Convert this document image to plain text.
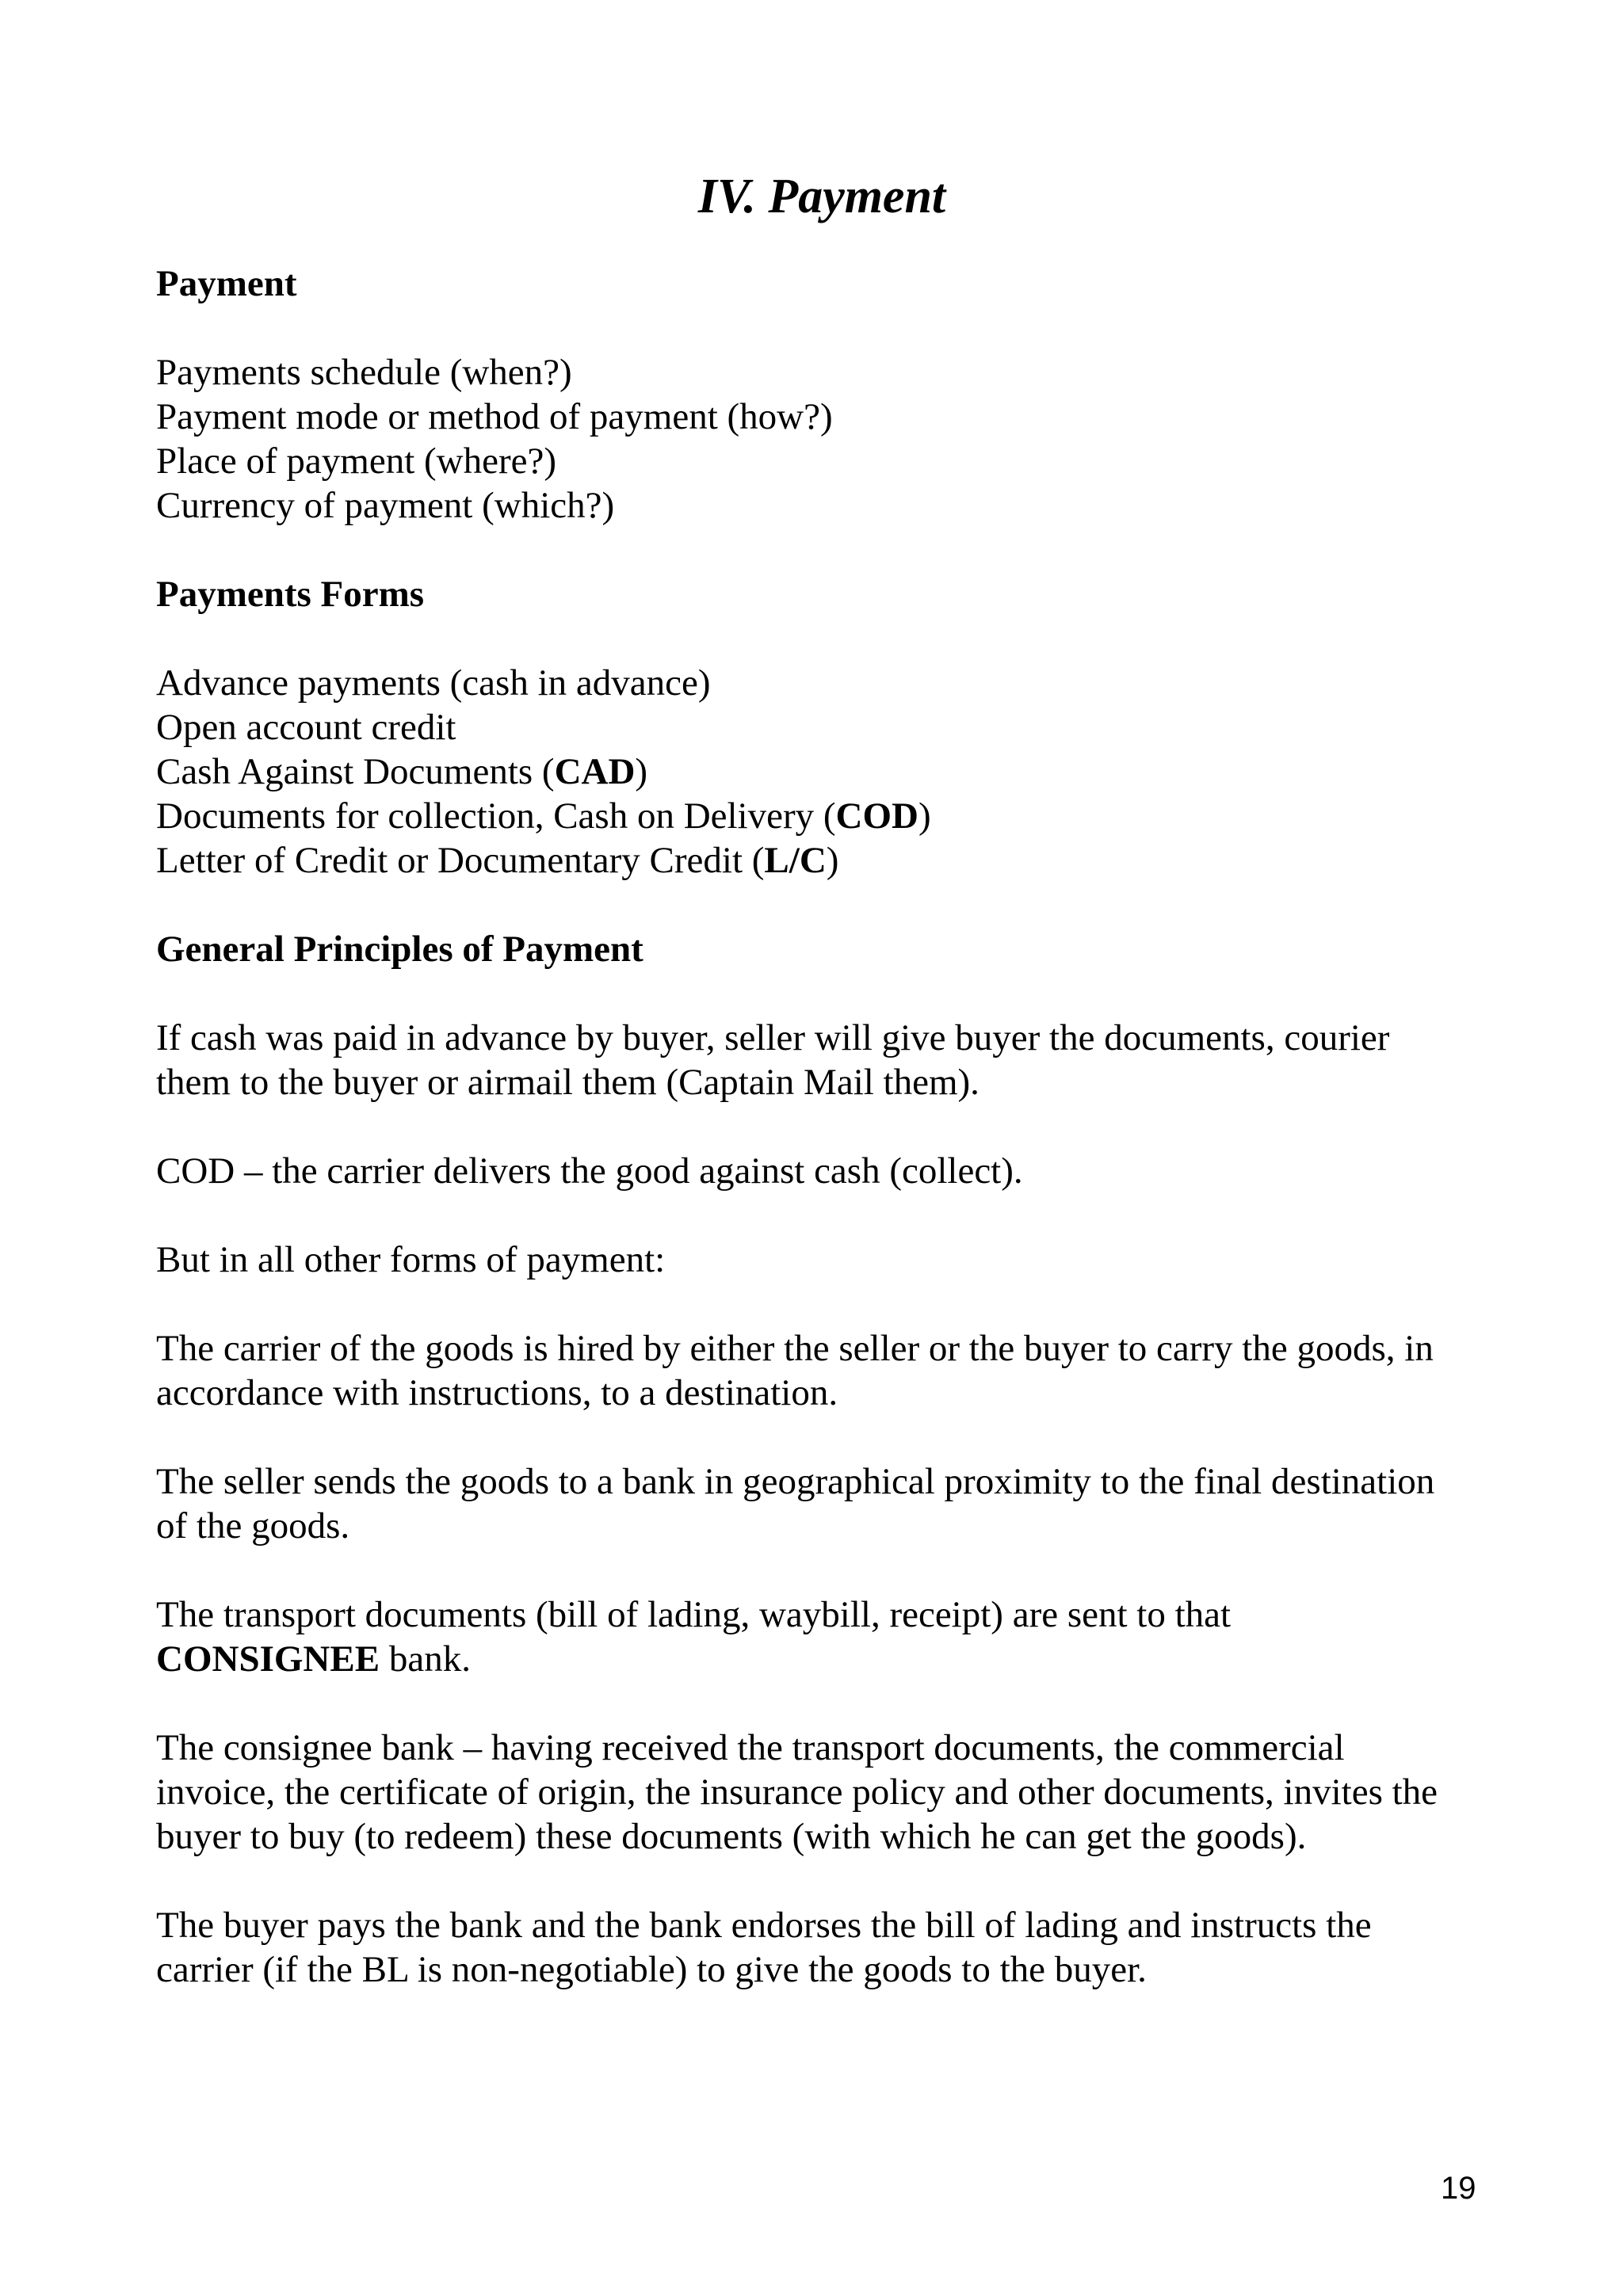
IV. Payment
Payment
Payments schedule (when?)
Payment mode or method of payment (how?)
Place of payment (where?)
Currency of payment (which?)
Payments Forms
Advance payments (cash in advance)
Open account credit
Cash Against Documents (CAD)
Documents for collection, Cash on Delivery (COD)
Letter of Credit or Documentary Credit (L/C)
General Principles of Payment

If cash was paid in advance by buyer, seller will give buyer the documents, courier
them to the buyer or airmail them (Captain Mail them).

COD – the carrier delivers the good against cash (collect).

But in all other forms of payment:

The carrier of the goods is hired by either the seller or the buyer to carry the goods, in
accordance with instructions, to a destination.

The seller sends the goods to a bank in geographical proximity to the final destination
of the goods.

The transport documents (bill of lading, waybill, receipt) are sent to that
CONSIGNEE bank.

The consignee bank – having received the transport documents, the commercial
invoice, the certificate of origin, the insurance policy and other documents, invites the
buyer to buy (to redeem) these documents (with which he can get the goods).

The buyer pays the bank and the bank endorses the bill of lading and instructs the
carrier (if the BL is non-negotiable) to give the goods to the buyer.

19
